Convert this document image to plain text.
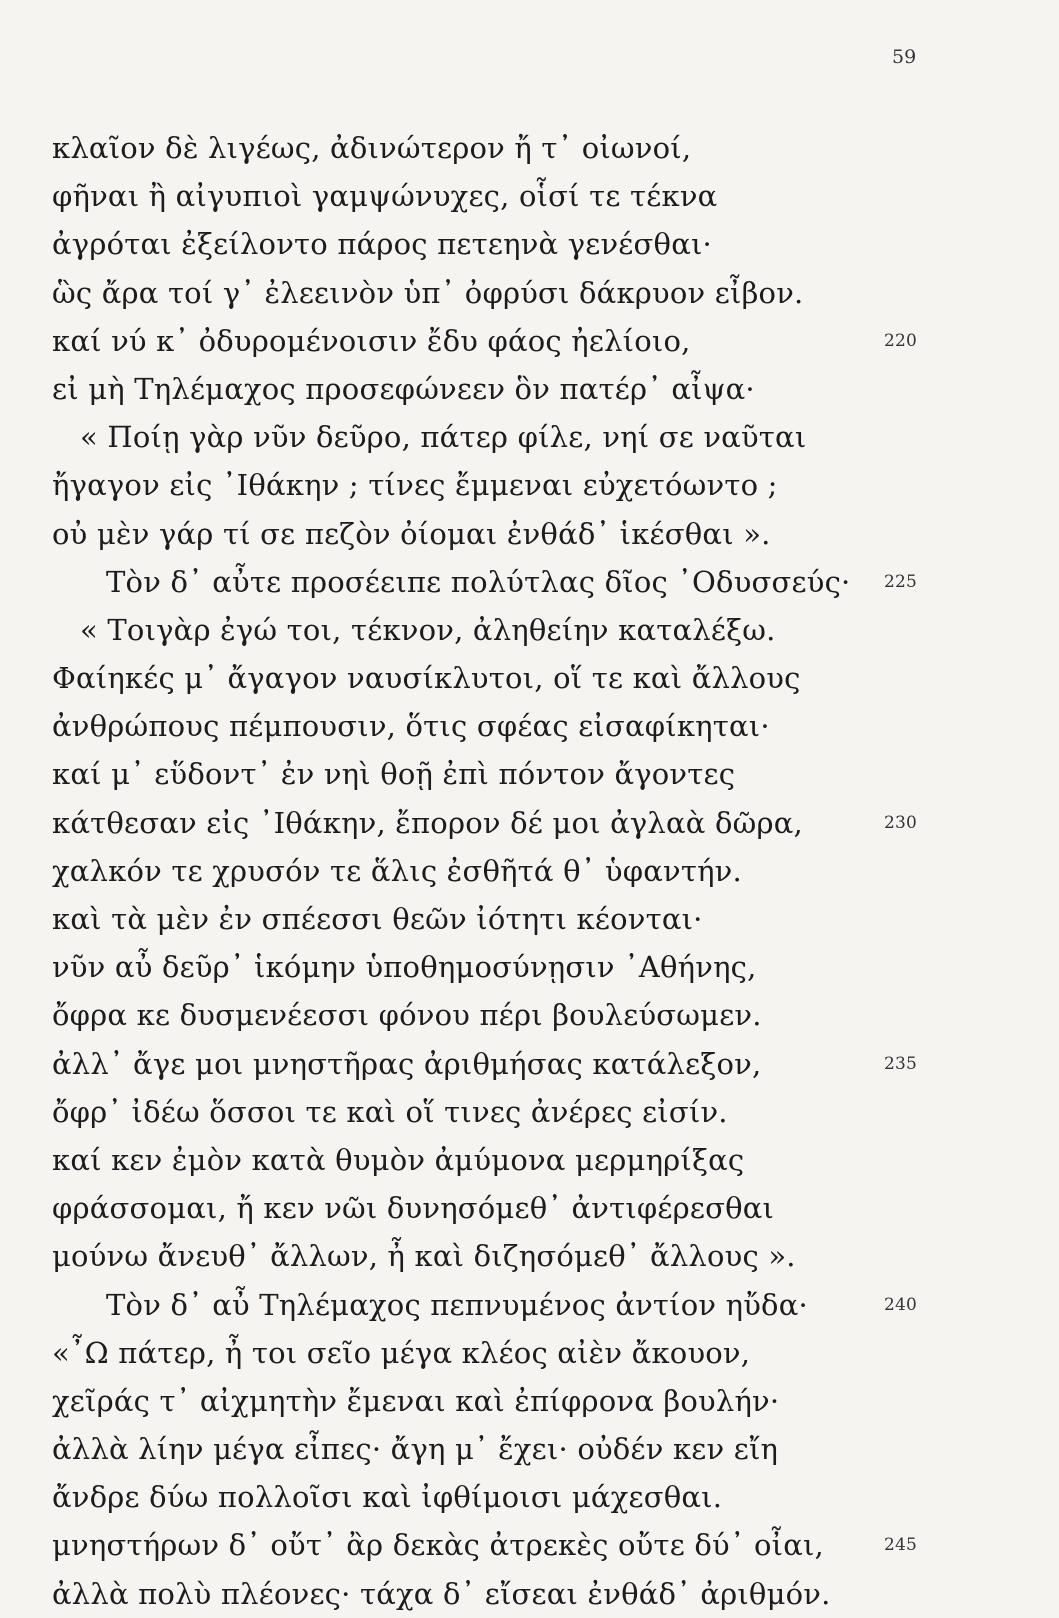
59
κλαῖον δὲ λιγέως, ἀδινώτερον ἤ τ᾽ οἰωνοί,
φῆναι ἢ αἰγυπιοὶ γαμψώνυχες, οἷσί τε τέκνα
ἀγρόται ἐξείλοντο πάρος πετεηνὰ γενέσθαι·
ὣς ἄρα τοί γ᾽ ἐλεεινὸν ὑπ᾽ ὀφρύσι δάκρυον εἶβον.
καί νύ κ᾽ ὀδυρομένοισιν ἔδυ φάος ἠελίοιο,	220
εἰ μὴ Τηλέμαχος προσεφώνεεν ὃν πατέρ᾽ αἶψα·
« Ποίῃ γὰρ νῦν δεῦρο, πάτερ φίλε, νηί σε ναῦται
ἤγαγον εἰς ᾽Ιθάκην ; τίνες ἔμμεναι εὐχετόωντο ;
οὐ μὲν γάρ τί σε πεζὸν ὀίομαι ἐνθάδ᾽ ἱκέσθαι ».
Τὸν δ᾽ αὖτε προσέειπε πολύτλας δῖος ᾽Οδυσσεύς· 225
« Τοιγὰρ ἐγώ τοι, τέκνον, ἀληθείην καταλέξω.
Φαίηκές μ᾽ ἄγαγον ναυσίκλυτοι, οἵ τε καὶ ἄλλους
ἀνθρώπους πέμπουσιν, ὅτις σφέας εἰσαφίκηται·
καί μ᾽ εὕδοντ᾽ ἐν νηὶ θοῇ ἐπὶ πόντον ἄγοντες
κάτθεσαν εἰς ᾽Ιθάκην, ἔπορον δέ μοι ἀγλαὰ δῶρα,	230
χαλκόν τε χρυσόν τε ἅλις ἐσθῆτά θ᾽ ὑφαντήν.
καὶ τὰ μὲν ἐν σπέεσσι θεῶν ἰότητι κέονται·
νῦν αὖ δεῦρ᾽ ἱκόμην ὑποθημοσύνῃσιν ᾽Αθήνης,
ὄφρα κε δυσμενέεσσι φόνου πέρι βουλεύσωμεν.
ἀλλ᾽ ἄγε μοι μνηστῆρας ἀριθμήσας κατάλεξον,	235
ὄφρ᾽ ἰδέω ὅσσοι τε καὶ οἵ τινες ἀνέρες εἰσίν.
καί κεν ἐμὸν κατὰ θυμὸν ἀμύμονα μερμηρίξας
φράσσομαι, ἤ κεν νῶι δυνησόμεθ᾽ ἀντιφέρεσθαι
μούνω ἄνευθ᾽ ἄλλων, ἦ καὶ διζησόμεθ᾽ ἄλλους ».
Τὸν δ᾽ αὖ Τηλέμαχος πεπνυμένος ἀντίον ηὔδα·	240
«῏Ω πάτερ, ἦ τοι σεῖο μέγα κλέος αἰὲν ἄκουον,
χεῖράς τ᾽ αἰχμητὴν ἔμεναι καὶ ἐπίφρονα βουλήν·
ἀλλὰ λίην μέγα εἶπες· ἄγη μ᾽ ἔχει· οὐδέν κεν εἴη
ἄνδρε δύω πολλοῖσι καὶ ἰφθίμοισι μάχεσθαι.
μνηστήρων δ᾽ οὔτ᾽ ἂρ δεκὰς ἀτρεκὲς οὔτε δύ᾽ οἶαι,	245
ἀλλὰ πολὺ πλέονες· τάχα δ᾽ εἴσεαι ἐνθάδ᾽ ἀριθμόν.
